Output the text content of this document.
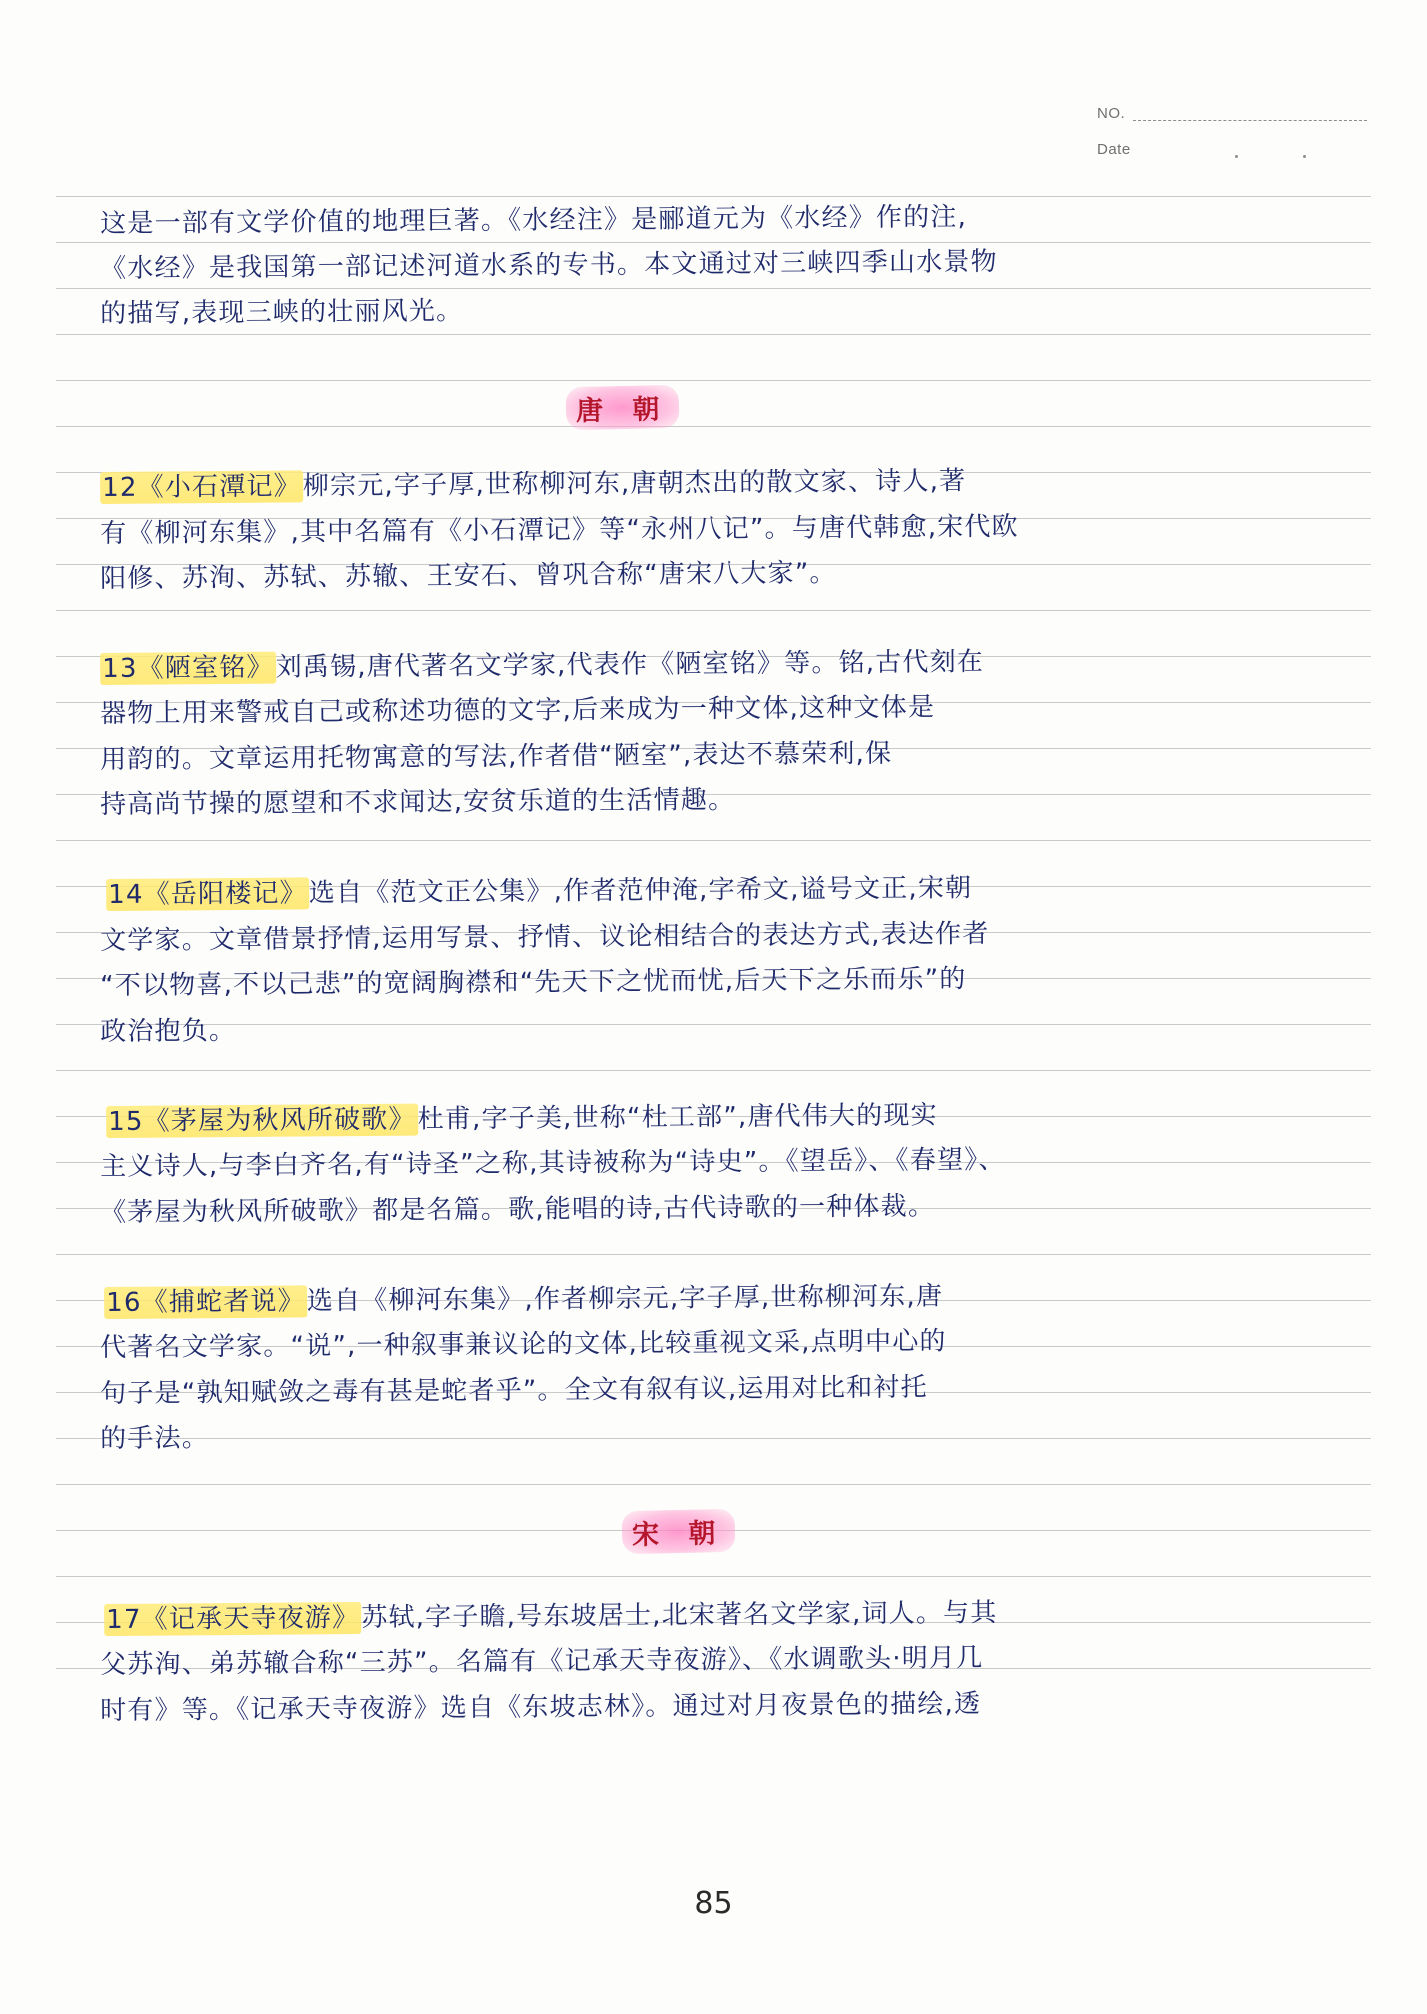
NO.
Date
这是一部有文学价值的地理巨著。《水经注》是郦道元为《水经》作的注,
《水经》是我国第一部记述河道水系的专书。本文通过对三峡四季山水景物
的描写,表现三峡的壮丽风光。
唐 朝
12《小石潭记》柳宗元,字子厚,世称柳河东,唐朝杰出的散文家、诗人,著
有《柳河东集》,其中名篇有《小石潭记》等“永州八记”。与唐代韩愈,宋代欧
阳修、苏洵、苏轼、苏辙、王安石、曾巩合称“唐宋八大家”。
13《陋室铭》刘禹锡,唐代著名文学家,代表作《陋室铭》等。铭,古代刻在
器物上用来警戒自己或称述功德的文字,后来成为一种文体,这种文体是
用韵的。文章运用托物寓意的写法,作者借“陋室”,表达不慕荣利,保
持高尚节操的愿望和不求闻达,安贫乐道的生活情趣。
14《岳阳楼记》选自《范文正公集》,作者范仲淹,字希文,谥号文正,宋朝
文学家。文章借景抒情,运用写景、抒情、议论相结合的表达方式,表达作者
“不以物喜,不以己悲”的宽阔胸襟和“先天下之忧而忧,后天下之乐而乐”的
政治抱负。
15《茅屋为秋风所破歌》杜甫,字子美,世称“杜工部”,唐代伟大的现实
主义诗人,与李白齐名,有“诗圣”之称,其诗被称为“诗史”。《望岳》、《春望》、
《茅屋为秋风所破歌》都是名篇。歌,能唱的诗,古代诗歌的一种体裁。
16《捕蛇者说》选自《柳河东集》,作者柳宗元,字子厚,世称柳河东,唐
代著名文学家。“说”,一种叙事兼议论的文体,比较重视文采,点明中心的
句子是“孰知赋敛之毒有甚是蛇者乎”。全文有叙有议,运用对比和衬托
的手法。
宋 朝
17《记承天寺夜游》苏轼,字子瞻,号东坡居士,北宋著名文学家,词人。与其
父苏洵、弟苏辙合称“三苏”。名篇有《记承天寺夜游》、《水调歌头·明月几
时有》等。《记承天寺夜游》选自《东坡志林》。通过对月夜景色的描绘,透
85
